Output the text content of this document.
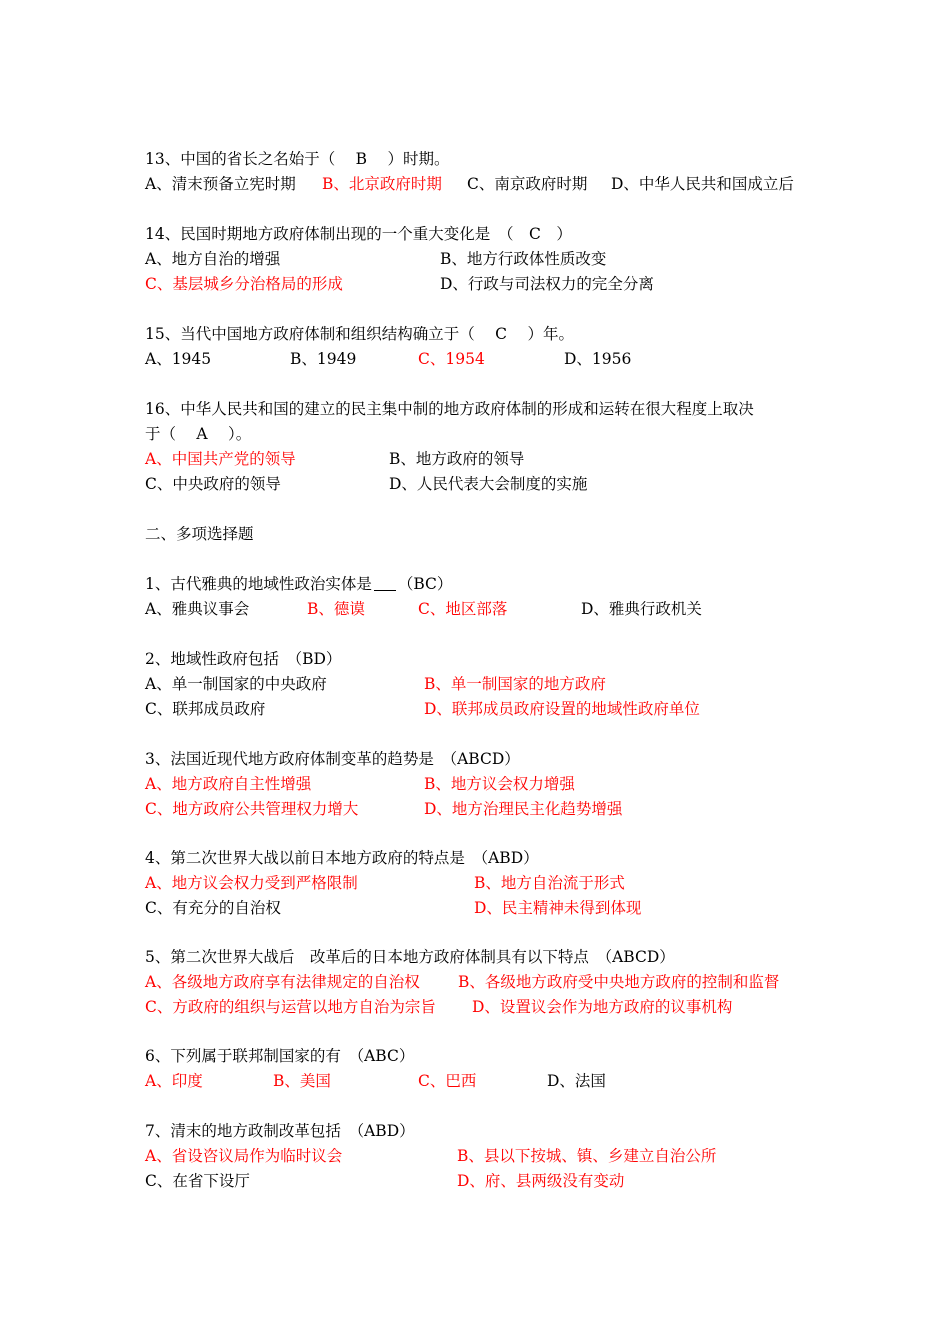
13、中国的省长之名始于（　 B　 ）时期。

A、清末预备立宪时期

B、北京政府时期

C、南京政府时期

D、中华人民共和国成立后

14、民国时期地方政府体制出现的一个重大变化是　（　C　）

A、地方自治的增强

	B、地方行政体性质改变

C、基层城乡分治格局的形成

	D、行政与司法权力的完全分离

15、当代中国地方政府体制和组织结构确立于（　 C　 ）年。

A、1945

	B、1949

	C、1954

	D、1956

16、中华人民共和国的建立的民主集中制的地方政府体制的形成和运转在很大程度上取决
于（　 A　 ）。

A、中国共产党的领导

	B、地方政府的领导

C、中央政府的领导

	D、人民代表大会制度的实施

二、多项选择题
1、古代雅典的地域性政治实体是 （BC）

A、雅典议事会

	B、德谟

	C、地区部落

	D、雅典行政机关

2、地域性政府包括　（BD）

A、单一制国家的中央政府

	B、单一制国家的地方政府

C、联邦成员政府

	D、联邦成员政府设置的地域性政府单位

3、法国近现代地方政府体制变革的趋势是　（ABCD）

A、地方政府自主性增强

	B、地方议会权力增强

C、地方政府公共管理权力增大

	D、地方治理民主化趋势增强

4、第二次世界大战以前日本地方政府的特点是　（ABD）

A、地方议会权力受到严格限制

	B、地方自治流于形式

C、有充分的自治权

	D、民主精神未得到体现

5、第二次世界大战后　改革后的日本地方政府体制具有以下特点　（ABCD）

A、各级地方政府享有法律规定的自治权

B、各级地方政府受中央地方政府的控制和监督

C、方政府的组织与运营以地方自治为宗旨

D、设置议会作为地方政府的议事机构

6、下列属于联邦制国家的有　（ABC）

A、印度

	B、美国

	C、巴西

	D、法国

7、清末的地方政制改革包括　（ABD）

A、省设咨议局作为临时议会

	B、县以下按城、镇、乡建立自治公所

C、在省下设厅

	D、府、县两级没有变动
